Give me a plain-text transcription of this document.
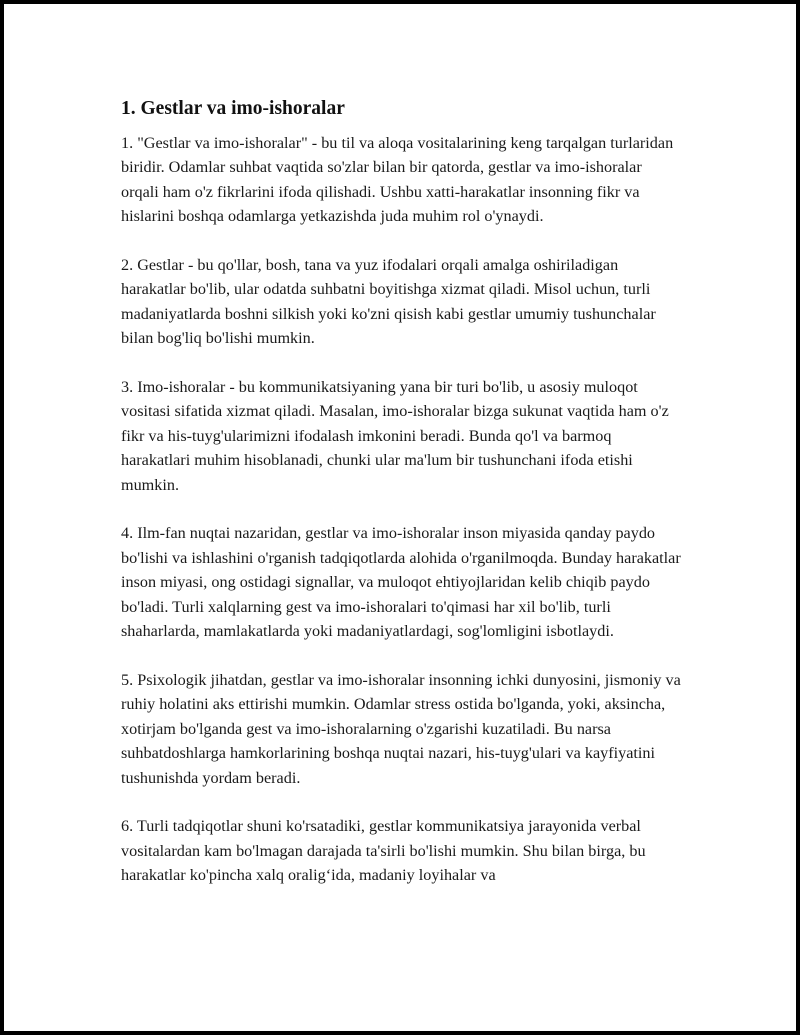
1. Gestlar va imo-ishoralar

1. "Gestlar va imo-ishoralar" - bu til va aloqa vositalarining keng tarqalgan turlaridan biridir. Odamlar suhbat vaqtida so'zlar bilan bir qatorda, gestlar va imo-ishoralar orqali ham o'z fikrlarini ifoda qilishadi. Ushbu xatti-harakatlar insonning fikr va hislarini boshqa odamlarga yetkazishda juda muhim rol o'ynaydi.

2. Gestlar - bu qo'llar, bosh, tana va yuz ifodalari orqali amalga oshiriladigan harakatlar bo'lib, ular odatda suhbatni boyitishga xizmat qiladi. Misol uchun, turli madaniyatlarda boshni silkish yoki ko'zni qisish kabi gestlar umumiy tushunchalar bilan bog'liq bo'lishi mumkin.

3. Imo-ishoralar - bu kommunikatsiyaning yana bir turi bo'lib, u asosiy muloqot vositasi sifatida xizmat qiladi. Masalan, imo-ishoralar bizga sukunat vaqtida ham o'z fikr va his-tuyg'ularimizni ifodalash imkonini beradi. Bunda qo'l va barmoq harakatlari muhim hisoblanadi, chunki ular ma'lum bir tushunchani ifoda etishi mumkin.

4. Ilm-fan nuqtai nazaridan, gestlar va imo-ishoralar inson miyasida qanday paydo bo'lishi va ishlashini o'rganish tadqiqotlarda alohida o'rganilmoqda. Bunday harakatlar inson miyasi, ong ostidagi signallar, va muloqot ehtiyojlaridan kelib chiqib paydo bo'ladi. Turli xalqlarning gest va imo-ishoralari to'qimasi har xil bo'lib, turli shaharlarda, mamlakatlarda yoki madaniyatlardagi, sog'lomligini isbotlaydi.

5. Psixologik jihatdan, gestlar va imo-ishoralar insonning ichki dunyosini, jismoniy va ruhiy holatini aks ettirishi mumkin. Odamlar stress ostida bo'lganda, yoki, aksincha, xotirjam bo'lganda gest va imo-ishoralarning o'zgarishi kuzatiladi. Bu narsa suhbatdoshlarga hamkorlarining boshqa nuqtai nazari, his-tuyg'ulari va kayfiyatini tushunishda yordam beradi.

6. Turli tadqiqotlar shuni ko'rsatadiki, gestlar kommunikatsiya jarayonida verbal vositalardan kam bo'lmagan darajada ta'sirli bo'lishi mumkin. Shu bilan birga, bu harakatlar ko'pincha xalq oralig‘ida, madaniy loyihalar va
